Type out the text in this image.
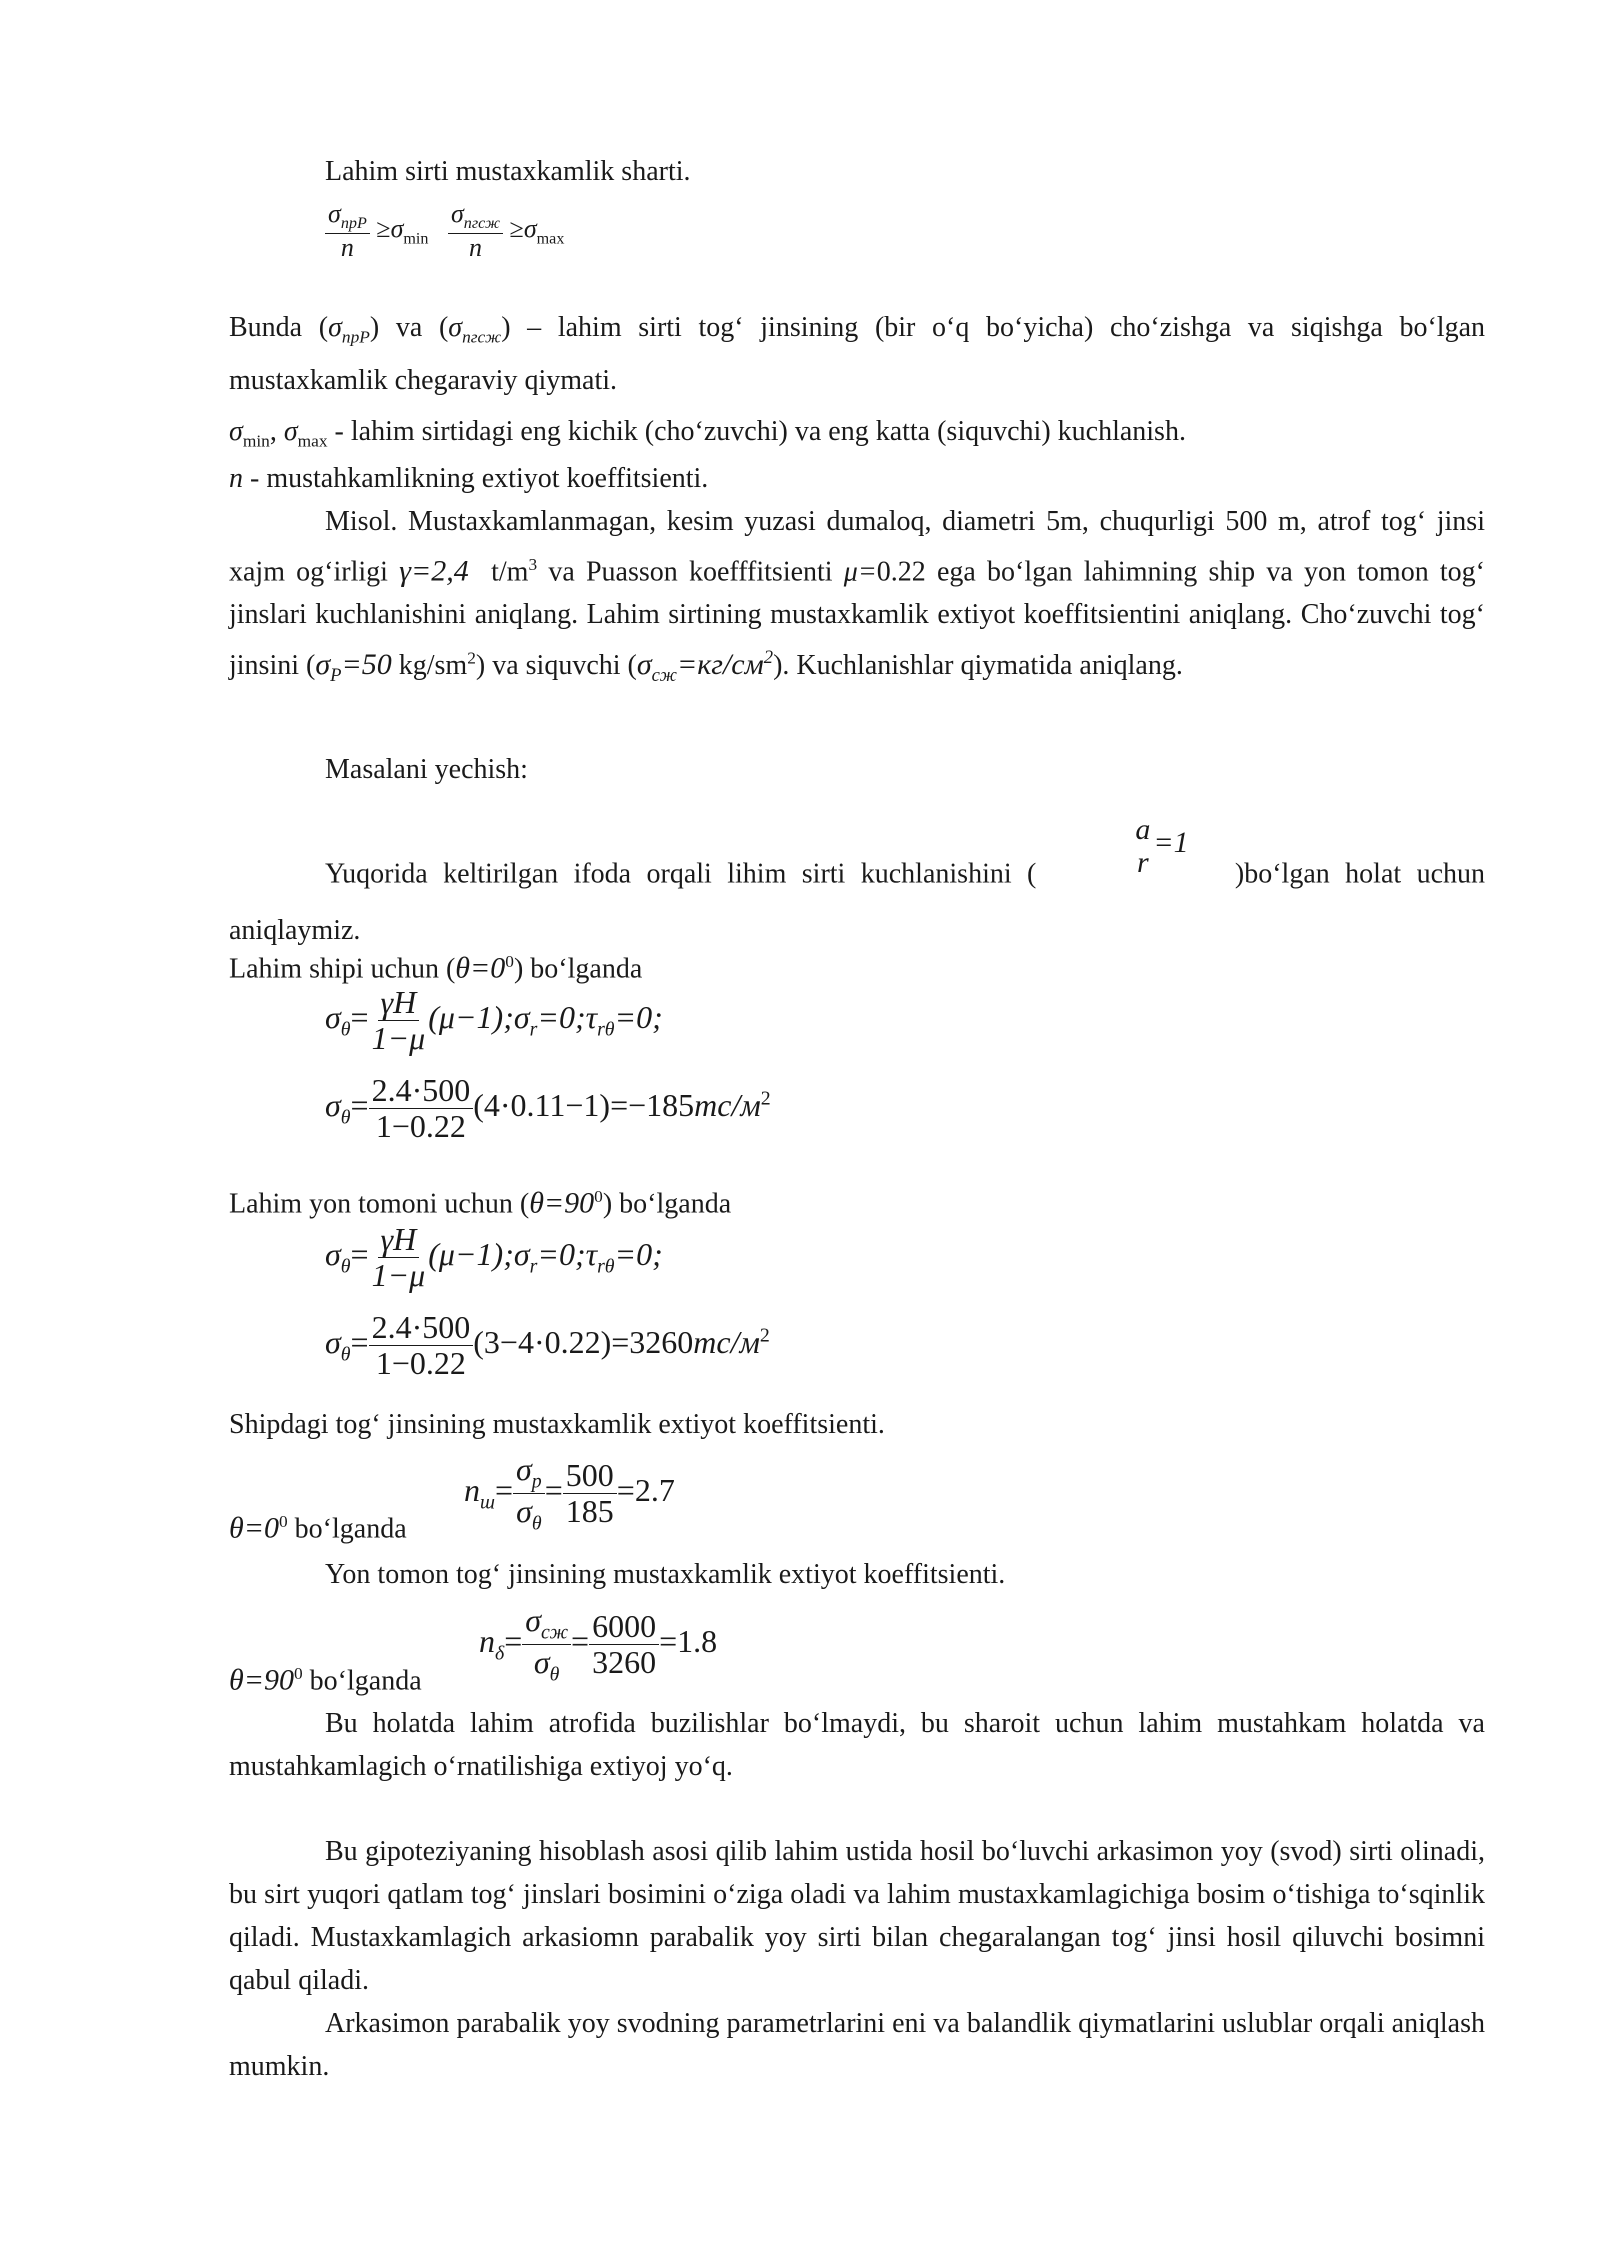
Lahim sirti mustaxkamlik sharti.
$\frac{\sigma_{прP}}{n} \ge\sigma_{min} \frac{\sigma_{пгсж}}{n} \ge\sigma_{max}$
Bunda $(\sigma_{прP})$ va $(\sigma_{пгсж})$ – lahim sirti tog‘ jinsining (bir o‘q bo‘yicha) cho‘zishga va siqishga bo‘lgan mustaxkamlik chegaraviy qiymati.
$\sigma_{min}$, $\sigma_{max}$ - lahim sirtidagi eng kichik (cho‘zuvchi) va eng katta (siquvchi) kuchlanish.
n - mustahkamlikning extiyot koeffitsienti.
Misol. Mustaxkamlanmagan, kesim yuzasi dumaloq, diametri 5m, chuqurligi 500 m, atrof tog‘ jinsi xajm og‘irligi γ=2,4 $t/m^3$ va Puasson koefffitsienti μ=0.22 ega bo‘lgan lahimning ship va yon tomon tog‘ jinslari kuchlanishini aniqlang. Lahim sirtining mustaxkamlik extiyot koeffitsientini aniqlang. Cho‘zuvchi tog‘ jinsini ($\sigma_P=50$ $kg/sm^2$) va siquvchi $(\sigma_{сж}=кг/см^2)$. Kuchlanishlar qiymatida aniqlang.
Masalani yechish:
Yuqorida keltirilgan ifoda orqali lihim sirti kuchlanishini (
a
r
=1   )bo‘lgan holat uchun aniqlaymiz.
Lahim shipi uchun $(\theta=0^0)$ bo‘lganda
$\sigma_\theta= \frac{\gamma H}{1-\mu}$ $(\mu-1);\sigma_r=0;\tau_{r\theta}=0$;
$\sigma_\theta= \frac{2.4\cdot 500}{1-0.22} (4\cdot 0.11-1)=-185тс/м^2$
Lahim yon tomoni uchun $(\theta=90^0)$ bo‘lganda
$\sigma_\theta= \frac{\gamma H}{1-\mu}$ $(\mu-1);\sigma_r=0;\tau_{r\theta}=0$;
$\sigma_\theta= \frac{2.4\cdot 500}{1-0.22} (3-4\cdot 0.22)=3260тс/м^2$
Shipdagi tog‘ jinsining mustaxkamlik extiyot koeffitsienti.
$\theta=0^0$ bo‘lganda
$n_ш= \frac{\sigma_p}{\sigma_\theta} = \frac{500}{185} =2.7$
Yon tomon tog‘ jinsining mustaxkamlik extiyot koeffitsienti.
$\theta=90^0$ bo‘lganda
$n_\delta= \frac{\sigma_{сж}}{\sigma_\theta} = \frac{6000}{3260} =1.8$
Bu holatda lahim atrofida buzilishlar bo‘lmaydi, bu sharoit uchun lahim mustahkam holatda va mustahkamlagich o‘rnatilishiga extiyoj yo‘q.
Bu gipoteziyaning hisoblash asosi qilib lahim ustida hosil bo‘luvchi arkasimon yoy (svod) sirti olinadi, bu sirt yuqori qatlam tog‘ jinslari bosimini o‘ziga oladi va lahim mustaxkamlagichiga bosim o‘tishiga to‘sqinlik qiladi. Mustaxkamlagich arkasiomn parabalik yoy sirti bilan chegaralangan tog‘ jinsi hosil qiluvchi bosimni qabul qiladi.
Arkasimon parabalik yoy svodning parametrlarini eni va balandlik qiymatlarini uslublar orqali aniqlash mumkin.
